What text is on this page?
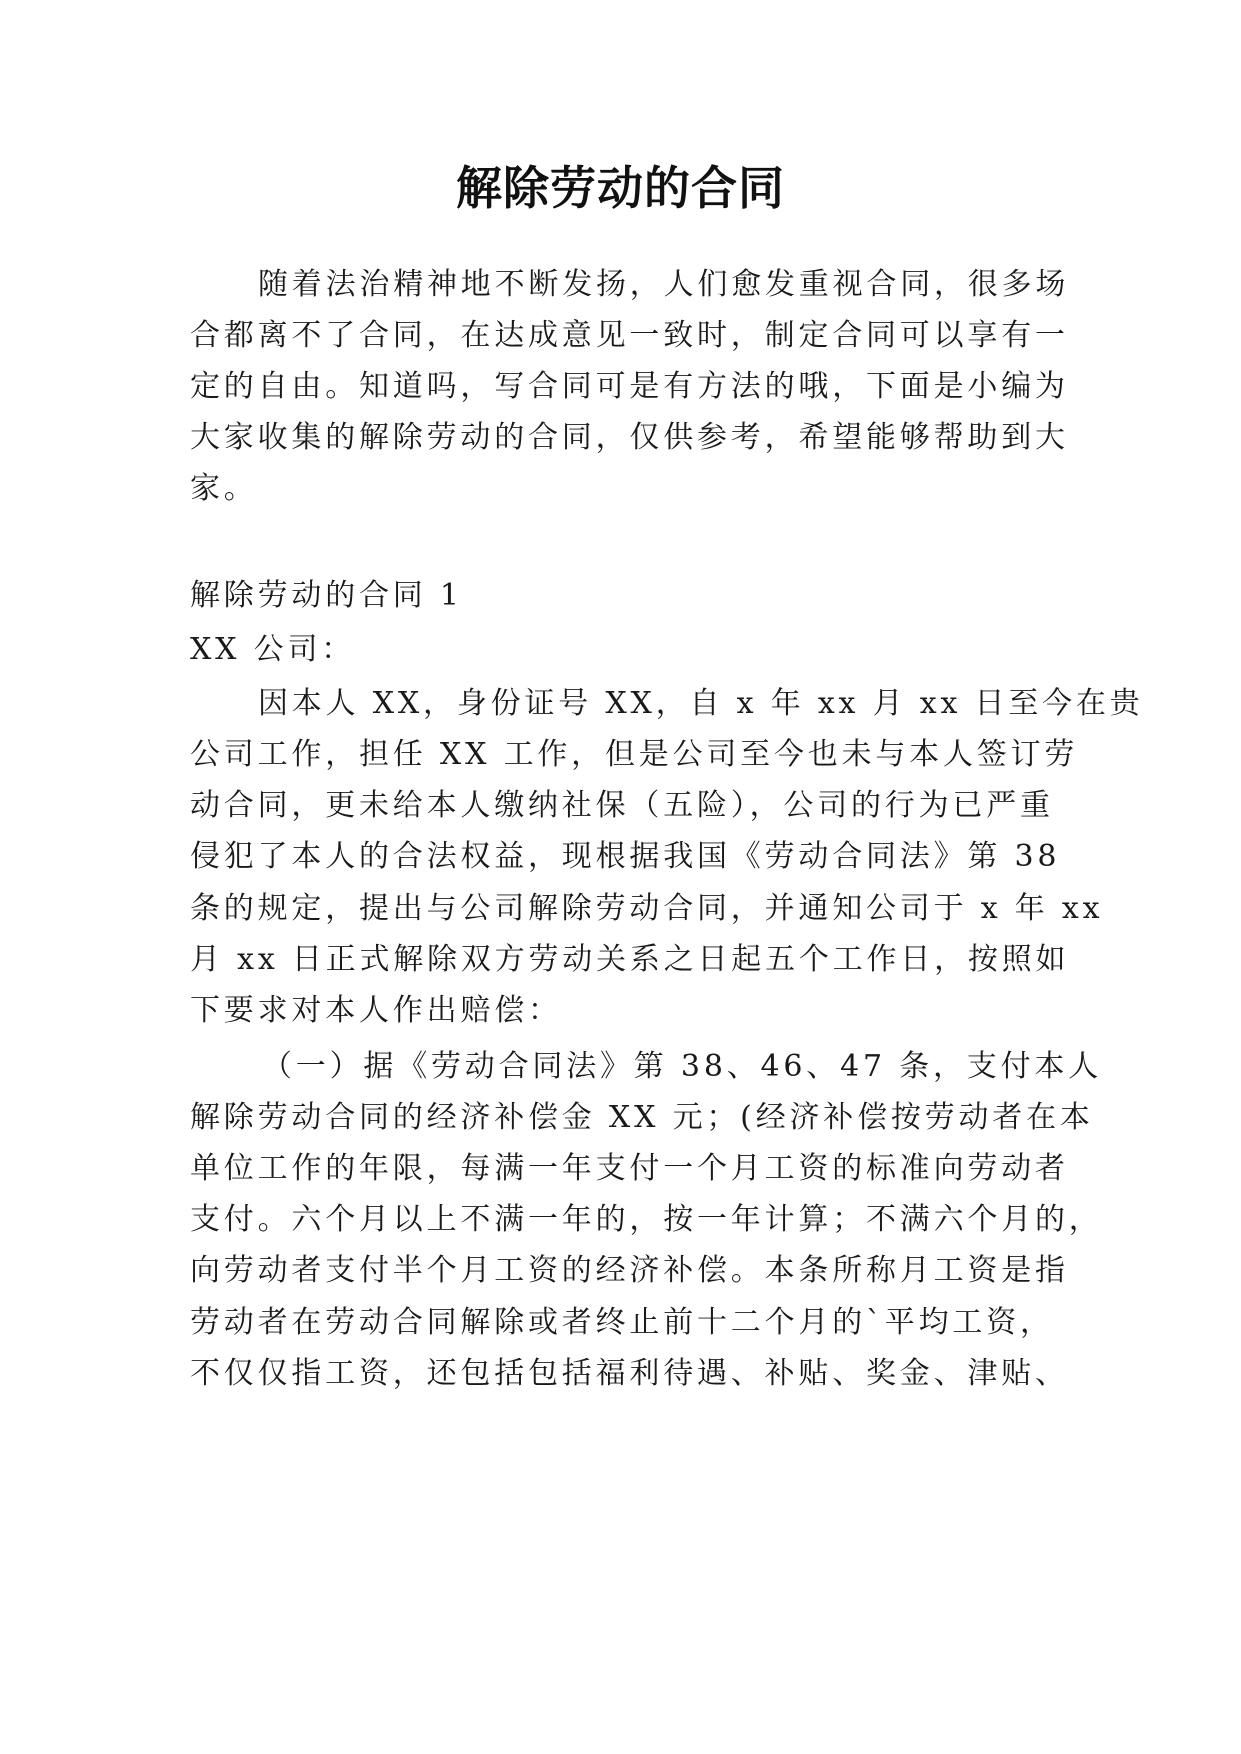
解除劳动的合同
随着法治精神地不断发扬，人们愈发重视合同，很多场
合都离不了合同，在达成意见一致时，制定合同可以享有一
定的自由。知道吗，写合同可是有方法的哦，下面是小编为
大家收集的解除劳动的合同，仅供参考，希望能够帮助到大
家。
解除劳动的合同 1
XX 公司：
因本人 XX，身份证号 XX，自 x 年 xx 月 xx 日至今在贵
公司工作，担任 XX 工作，但是公司至今也未与本人签订劳
动合同，更未给本人缴纳社保（五险），公司的行为已严重
侵犯了本人的合法权益，现根据我国《劳动合同法》第 38
条的规定，提出与公司解除劳动合同，并通知公司于 x 年 xx
月 xx 日正式解除双方劳动关系之日起五个工作日，按照如
下要求对本人作出赔偿：
（一）据《劳动合同法》第 38、46、47 条，支付本人
解除劳动合同的经济补偿金 XX 元；(经济补偿按劳动者在本
单位工作的年限，每满一年支付一个月工资的标准向劳动者
支付。六个月以上不满一年的，按一年计算；不满六个月的，
向劳动者支付半个月工资的经济补偿。本条所称月工资是指
劳动者在劳动合同解除或者终止前十二个月的`平均工资，
不仅仅指工资，还包括包括福利待遇、补贴、奖金、津贴、
